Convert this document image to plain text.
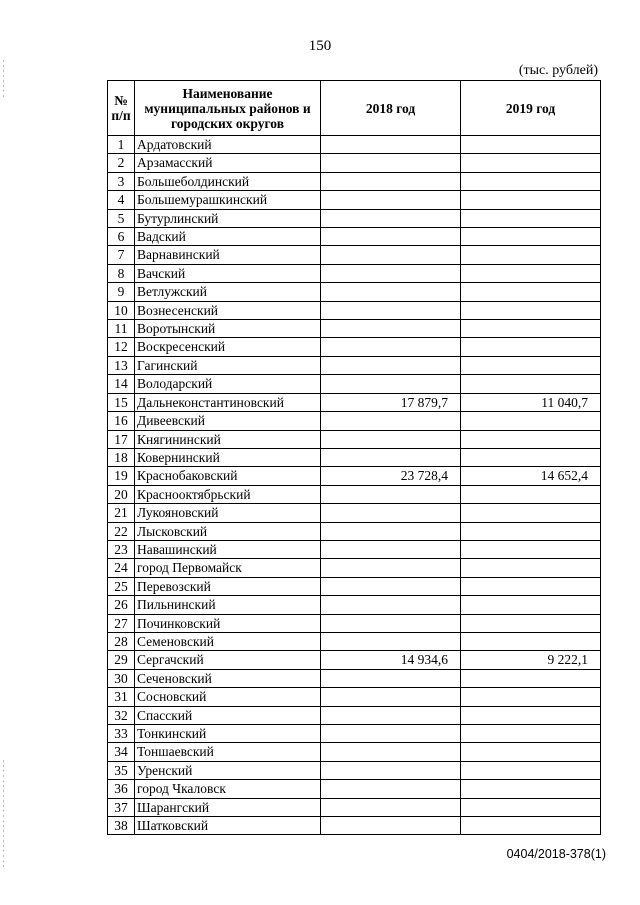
150
(тыс. рублей)
№ п/п	Наименование муниципальных районов и городских округов	2018 год	2019 год
1	Ардатовский		
2	Арзамасский		
3	Большеболдинский		
4	Большемурашкинский		
5	Бутурлинский		
6	Вадский		
7	Варнавинский		
8	Вачский		
9	Ветлужский		
10	Вознесенский		
11	Воротынский		
12	Воскресенский		
13	Гагинский		
14	Володарский		
15	Дальнеконстантиновский	17 879,7	11 040,7
16	Дивеевский		
17	Княгининский		
18	Ковернинский		
19	Краснобаковский	23 728,4	14 652,4
20	Краснооктябрьский		
21	Лукояновский		
22	Лысковский		
23	Навашинский		
24	город Первомайск		
25	Перевозский		
26	Пильнинский		
27	Починковский		
28	Семеновский		
29	Сергачский	14 934,6	9 222,1
30	Сеченовский		
31	Сосновский		
32	Спасский		
33	Тонкинский		
34	Тоншаевский		
35	Уренский		
36	город Чкаловск		
37	Шарангский		
38	Шатковский		
0404/2018-378(1)
